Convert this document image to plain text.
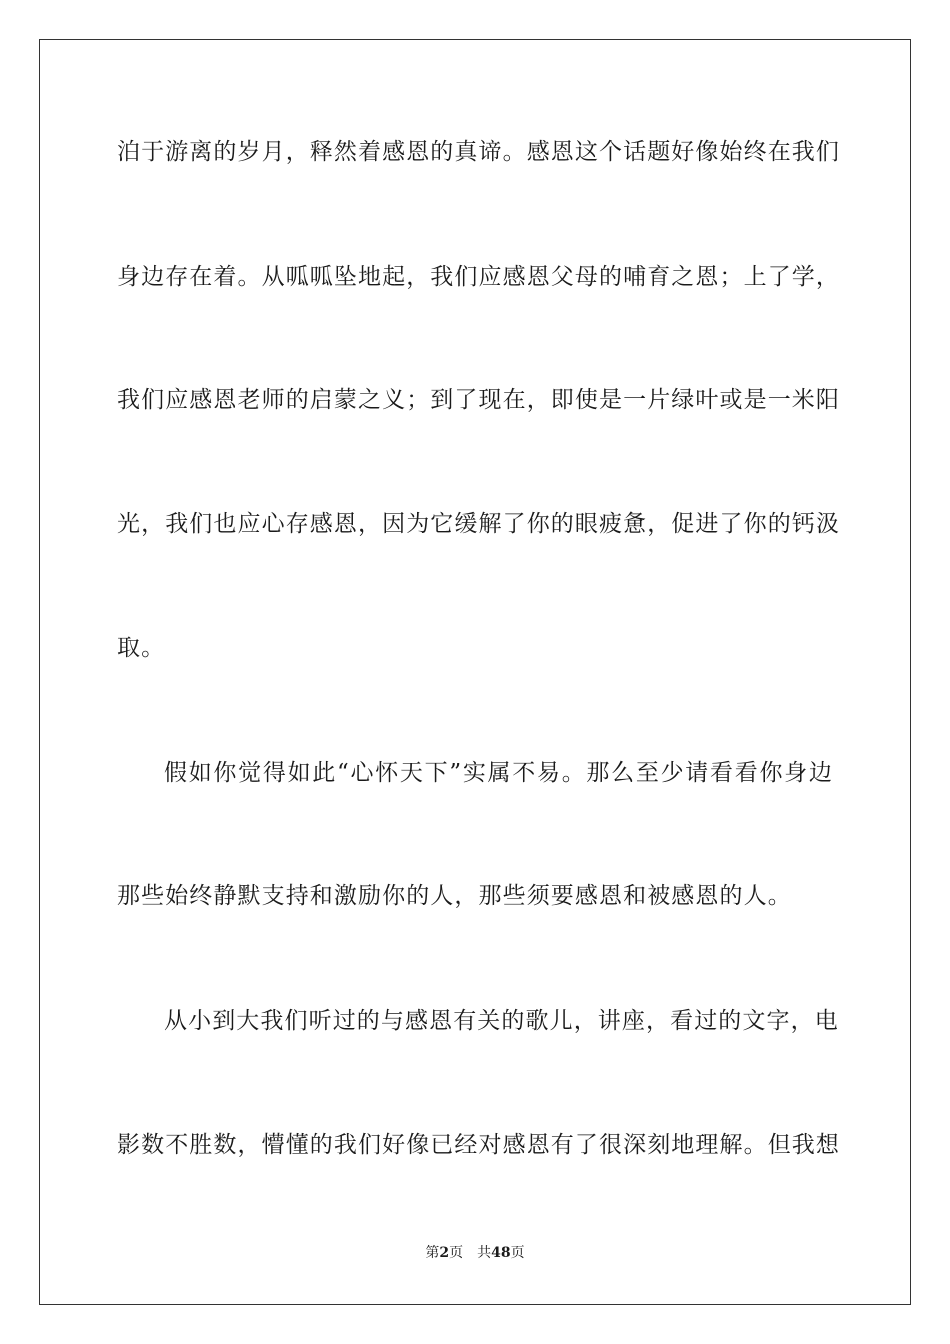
泊于游离的岁月，释然着感恩的真谛。感恩这个话题好像始终在我们
身边存在着。从呱呱坠地起，我们应感恩父母的哺育之恩；上了学，
我们应感恩老师的启蒙之义；到了现在，即使是一片绿叶或是一米阳
光，我们也应心存感恩，因为它缓解了你的眼疲惫，促进了你的钙汲
取。
假如你觉得如此“心怀天下”实属不易。那么至少请看看你身边
那些始终静默支持和激励你的人，那些须要感恩和被感恩的人。
从小到大我们听过的与感恩有关的歌儿，讲座，看过的文字，电
影数不胜数，懵懂的我们好像已经对感恩有了很深刻地理解。但我想
第2页 共48页
